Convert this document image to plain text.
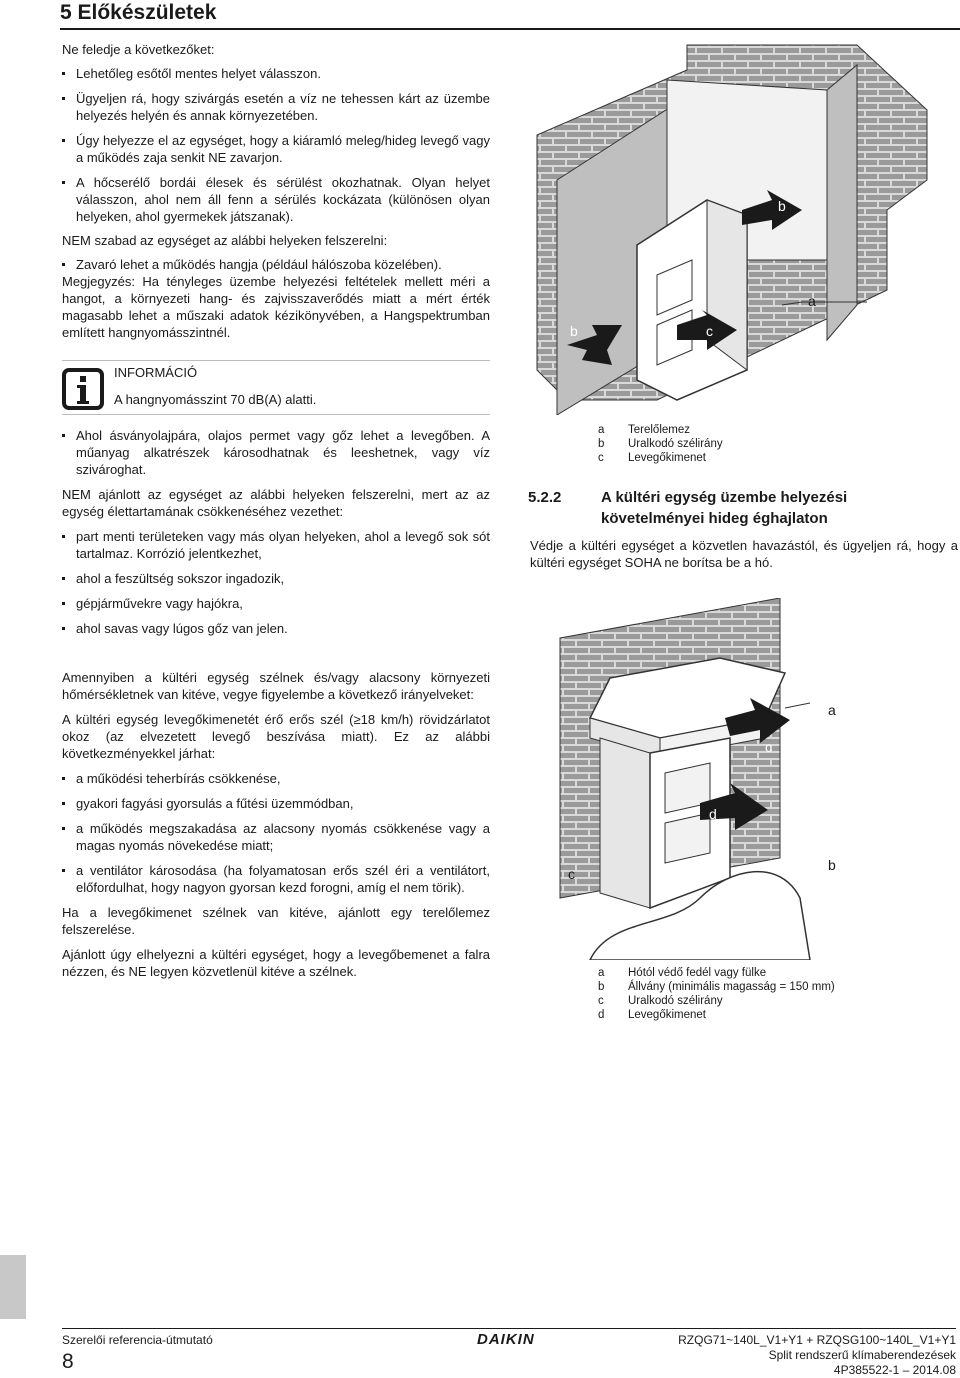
5 Előkészületek

Ne feledje a következőket:

Lehetőleg esőtől mentes helyet válasszon.
Ügyeljen rá, hogy szivárgás esetén a víz ne tehessen kárt az üzembe helyezés helyén és annak környezetében.
Úgy helyezze el az egységet, hogy a kiáramló meleg/hideg levegő vagy a működés zaja senkit NE zavarjon.
A hőcserélő bordái élesek és sérülést okozhatnak. Olyan helyet válasszon, ahol nem áll fenn a sérülés kockázata (különösen olyan helyeken, ahol gyermekek játszanak).

NEM szabad az egységet az alábbi helyeken felszerelni:

Zavaró lehet a működés hangja (például hálószoba közelében).

Megjegyzés: Ha tényleges üzembe helyezési feltételek mellett méri a hangot, a környezeti hang- és zajvisszaverődés miatt a mért érték magasabb lehet a műszaki adatok kézikönyvében, a Hangspektrumban említett hangnyomásszintnél.

INFORMÁCIÓ
A hangnyomásszint 70 dB(A) alatti.
Ahol ásványolajpára, olajos permet vagy gőz lehet a levegőben. A műanyag alkatrészek károsodhatnak és leeshetnek, vagy víz szivároghat.

NEM ajánlott az egységet az alábbi helyeken felszerelni, mert az az egység élettartamának csökkenéséhez vezethet:

part menti területeken vagy más olyan helyeken, ahol a levegő sok sót tartalmaz. Korrózió jelentkezhet,
ahol a feszültség sokszor ingadozik,
gépjárművekre vagy hajókra,
ahol savas vagy lúgos gőz van jelen.

Amennyiben a kültéri egység szélnek és/vagy alacsony környezeti hőmérsékletnek van kitéve, vegye figyelembe a következő irányelveket:

A kültéri egység levegőkimenetét érő erős szél (≥18 km/h) rövidzárlatot okoz (az elvezetett levegő beszívása miatt). Ez az alábbi következményekkel járhat:

a működési teherbírás csökkenése,
gyakori fagyási gyorsulás a fűtési üzemmódban,
a működés megszakadása az alacsony nyomás csökkenése vagy a magas nyomás növekedése miatt;
a ventilátor károsodása (ha folyamatosan erős szél éri a ventilátort, előfordulhat, hogy nagyon gyorsan kezd forogni, amíg el nem törik).

Ha a levegőkimenet szélnek van kitéve, ajánlott egy terelőlemez felszerelése.

Ajánlott úgy elhelyezni a kültéri egységet, hogy a levegőbemenet a falra nézzen, és NE legyen közvetlenül kitéve a szélnek.

b	c
b
a
a	Terelőlemez
b	Uralkodó szélirány
c	Levegőkimenet
5.2.2	A kültéri egység üzembe helyezési követelményei hideg éghajlaton

Védje a kültéri egységet a közvetlen havazástól, és ügyeljen rá, hogy a kültéri egységet SOHA ne borítsa be a hó.

a
c
d
c
b
a	Hótól védő fedél vagy fülke
b	Állvány (minimális magasság = 150 mm)
c	Uralkodó szélirány
d	Levegőkimenet
Szerelői referencia-útmutató
8
DAIKIN	RZQG71~140L_V1+Y1 + RZQSG100~140L_V1+Y1
Split rendszerű klímaberendezések
4P385522-1 – 2014.08
